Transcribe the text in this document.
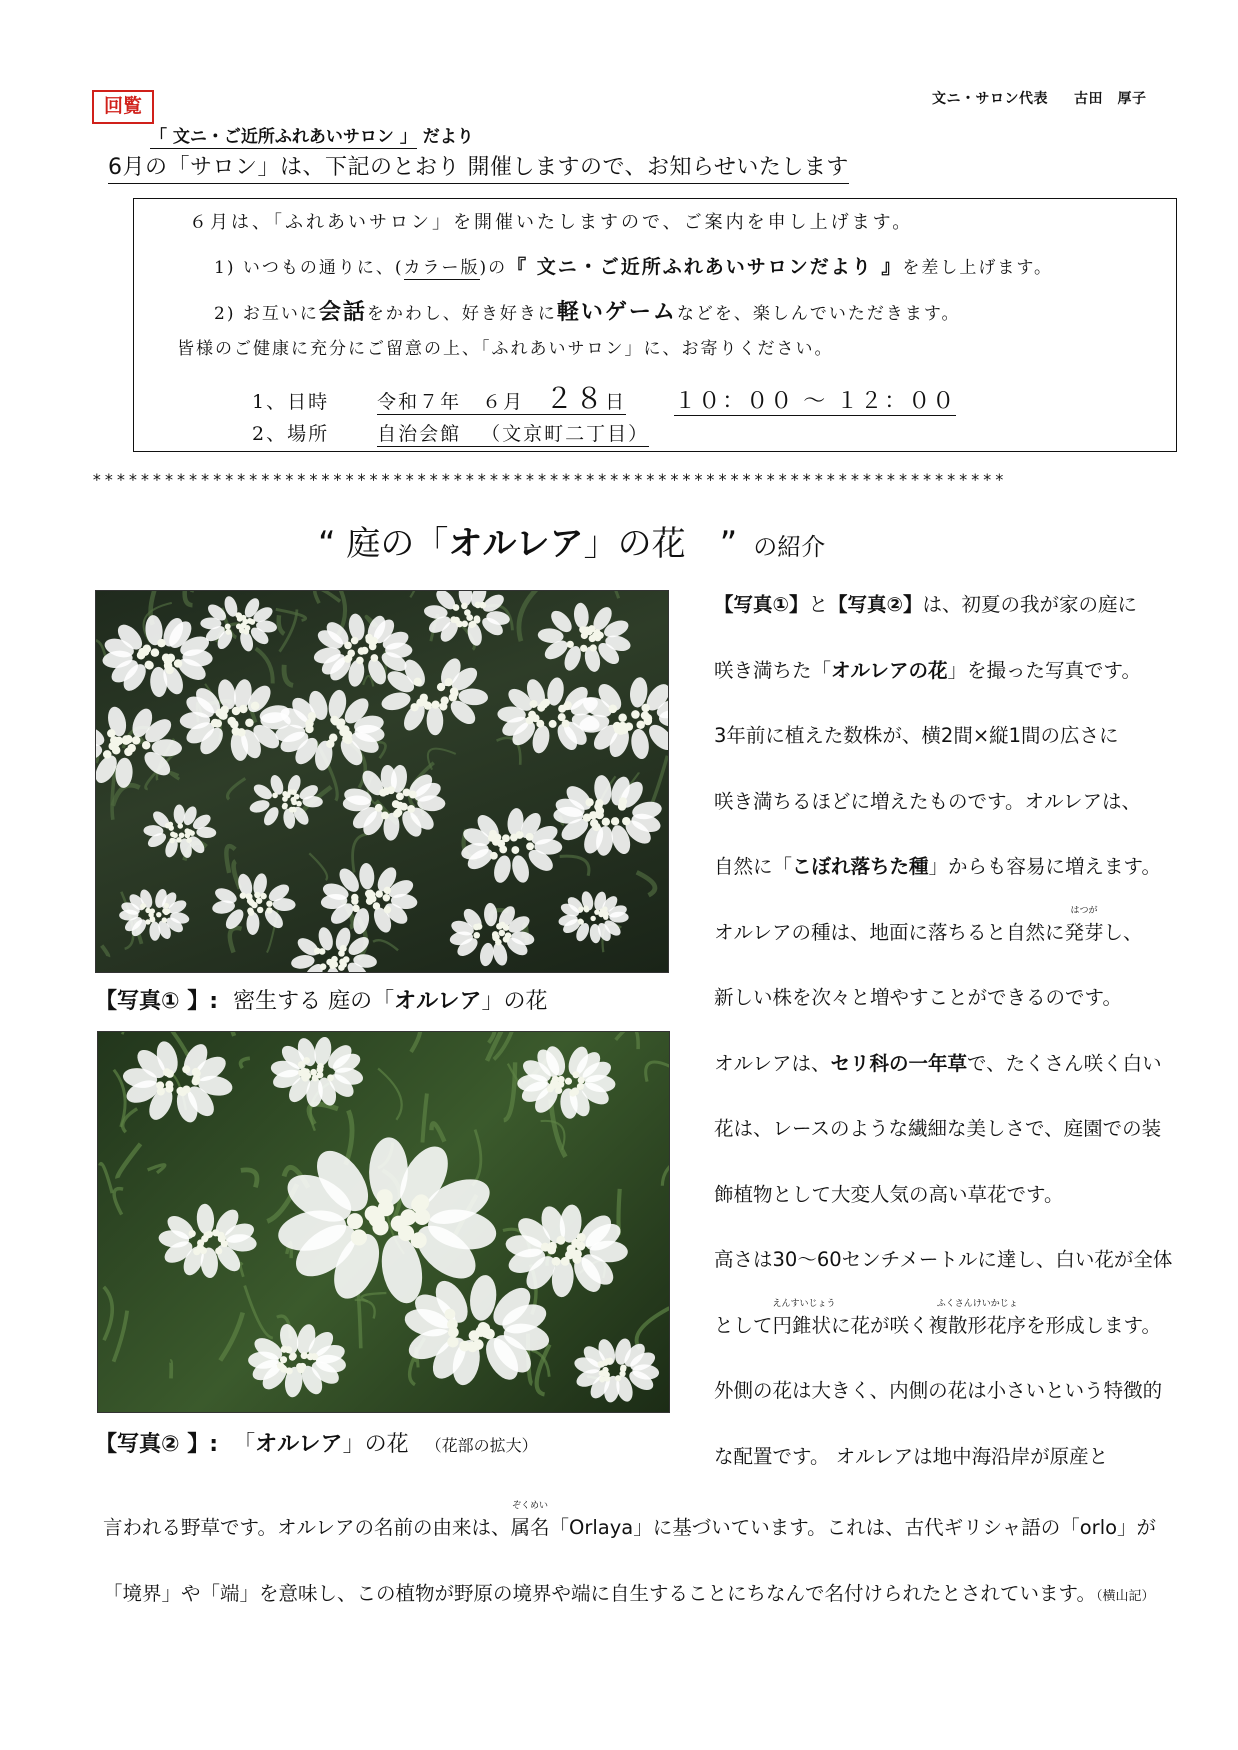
回覧	文ニ・サロン代表 古田　厚子
「 文ニ・ご近所ふれあいサロン 」 だより
6月の「サロン」は、下記のとおり 開催しますので、お知らせいたします
６月は、「ふれあいサロン」を開催いたしますので、ご案内を申し上げます。
1) いつもの通りに、(カラー版)の『 文ニ・ご近所ふれあいサロンだより 』を差し上げます。
2) お互いに会話をかわし、好き好きに軽いゲームなどを、楽しんでいただきます。
皆様のご健康に充分にご留意の上、「ふれあいサロン」に、お寄りください。
1、日時	令和７年　６月　２８日 １０：００ ～ １２：００
2、場所	自治会館 （文京町二丁目）
****************************************************************************
“ 庭の「オルレア」の花　” の紹介
【写真① 】: 密生する 庭の「オルレア」の花
【写真② 】: 「オルレア」の花 （花部の拡大）

【写真①】と【写真②】は、初夏の我が家の庭に

咲き満ちた「オルレアの花」を撮った写真です。

3年前に植えた数株が、横2間×縦1間の広さに

咲き満ちるほどに増えたものです。オルレアは、

自然に「こぼれ落ちた種」からも容易に増えます。

オルレアの種は、地面に落ちると自然に
はつが
発芽し、

新しい株を次々と増やすことができるのです。

オルレアは、セリ科の一年草で、たくさん咲く白い

花は、レースのような繊細な美しさで、庭園での装

飾植物として大変人気の高い草花です。

高さは30～60センチメートルに達し、白い花が全体

として
えんすいじょう
円錐状に花が咲く
ふくさんけいかじょ
複散形花序を形成します。

外側の花は大きく、内側の花は小さいという特徴的

な配置です。 オルレアは地中海沿岸が原産と

言われる野草です。オルレアの名前の由来は、
ぞくめい
属名「Orlaya」に基づいています。これは、古代ギリシャ語の「orlo」が
「境界」や「端」を意味し、この植物が野原の境界や端に自生することにちなんで名付けられたとされています。（横山記）
